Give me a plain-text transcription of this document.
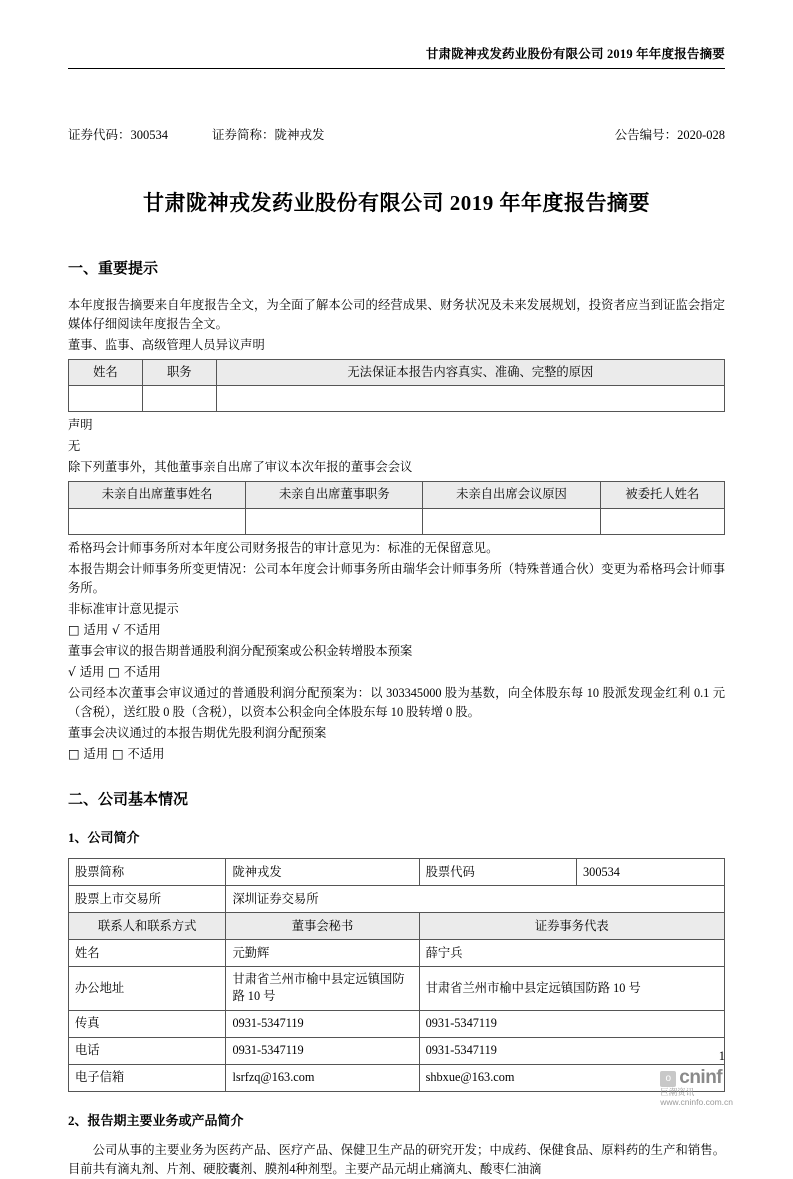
甘肃陇神戎发药业股份有限公司 2019 年年度报告摘要
证券代码：300534	证券简称：陇神戎发	公告编号：2020-028
甘肃陇神戎发药业股份有限公司 2019 年年度报告摘要
一、重要提示

本年度报告摘要来自年度报告全文，为全面了解本公司的经营成果、财务状况及未来发展规划，投资者应当到证监会指定媒体仔细阅读年度报告全文。

董事、监事、高级管理人员异议声明

姓名	职务	无法保证本报告内容真实、准确、完整的原因

声明

无

除下列董事外，其他董事亲自出席了审议本次年报的董事会会议

未亲自出席董事姓名	未亲自出席董事职务	未亲自出席会议原因	被委托人姓名

希格玛会计师事务所对本年度公司财务报告的审计意见为：标准的无保留意见。

本报告期会计师事务所变更情况：公司本年度会计师事务所由瑞华会计师事务所（特殊普通合伙）变更为希格玛会计师事务所。

非标准审计意见提示

□ 适用 √ 不适用

董事会审议的报告期普通股利润分配预案或公积金转增股本预案

√ 适用 □ 不适用

公司经本次董事会审议通过的普通股利润分配预案为：以 303345000 股为基数，向全体股东每 10 股派发现金红利 0.1 元（含税），送红股 0 股（含税），以资本公积金向全体股东每 10 股转增 0 股。

董事会决议通过的本报告期优先股利润分配预案

□ 适用 □ 不适用

二、公司基本情况
1、公司简介
股票简称	陇神戎发	股票代码	300534
股票上市交易所	深圳证券交易所		
联系人和联系方式	董事会秘书	证券事务代表	
姓名	元勤辉	薛宁兵	
办公地址	甘肃省兰州市榆中县定远镇国防路 10 号	甘肃省兰州市榆中县定远镇国防路 10 号	
传真	0931-5347119	0931-5347119	
电话	0931-5347119	0931-5347119	
电子信箱	lsrfzq@163.com	shbxue@163.com	
2、报告期主要业务或产品简介

公司从事的主要业务为医药产品、医疗产品、保健卫生产品的研究开发；中成药、保健食品、原料药的生产和销售。目前共有滴丸剂、片剂、硬胶囊剂、膜剂4种剂型。主要产品元胡止痛滴丸、酸枣仁油滴

1
o cninf
巨潮资讯
www.cninfo.com.cn
